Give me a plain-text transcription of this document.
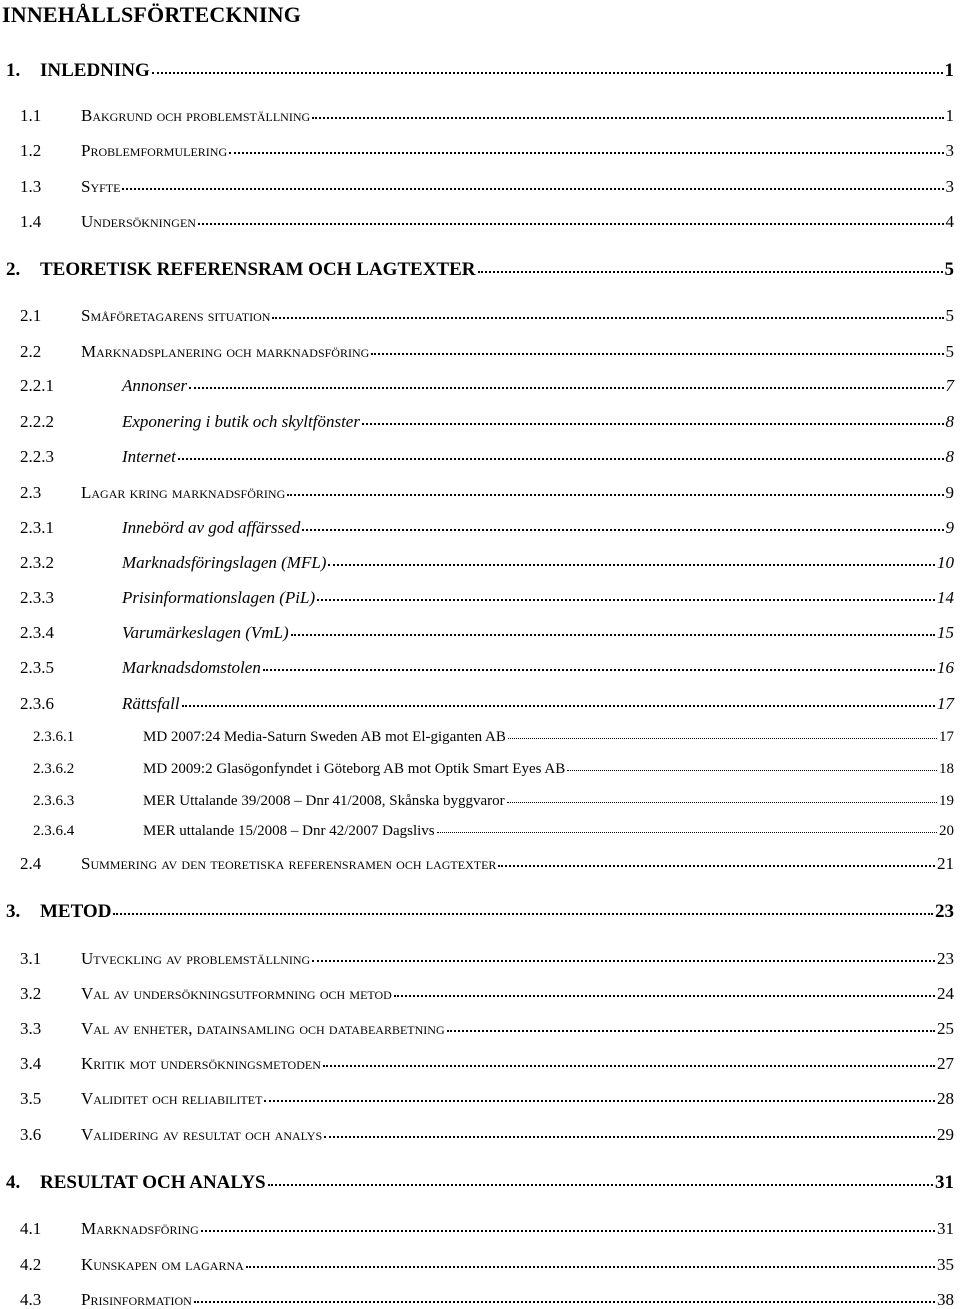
INNEHÅLLSFÖRTECKNING
1.	INLEDNING	1
1.1	Bakgrund och problemställning	1
1.2	Problemformulering	3
1.3	Syfte	3
1.4	Undersökningen	4
2.	TEORETISK REFERENSRAM OCH LAGTEXTER	5
2.1	Småföretagarens situation	5
2.2	Marknadsplanering och marknadsföring	5
2.2.1	Annonser	7
2.2.2	Exponering i butik och skyltfönster	8
2.2.3	Internet	8
2.3	Lagar kring marknadsföring	9
2.3.1	Innebörd av god affärssed	9
2.3.2	Marknadsföringslagen (MFL)	10
2.3.3	Prisinformationslagen (PiL)	14
2.3.4	Varumärkeslagen (VmL)	15
2.3.5	Marknadsdomstolen	16
2.3.6	Rättsfall	17
2.3.6.1	MD 2007:24 Media-Saturn Sweden AB mot El-giganten AB	17
2.3.6.2	MD 2009:2 Glasögonfyndet i Göteborg AB mot Optik Smart Eyes AB	18
2.3.6.3	MER Uttalande 39/2008 – Dnr 41/2008, Skånska byggvaror	19
2.3.6.4	MER uttalande 15/2008 – Dnr 42/2007 Dagslivs	20
2.4	Summering av den teoretiska referensramen och lagtexter	21
3.	METOD	23
3.1	Utveckling av problemställning	23
3.2	Val av undersökningsutformning och metod	24
3.3	Val av enheter, datainsamling och databearbetning	25
3.4	Kritik mot undersökningsmetoden	27
3.5	Validitet och reliabilitet	28
3.6	Validering av resultat och analys	29
4.	RESULTAT OCH ANALYS	31
4.1	Marknadsföring	31
4.2	Kunskapen om lagarna	35
4.3	Prisinformation	38
